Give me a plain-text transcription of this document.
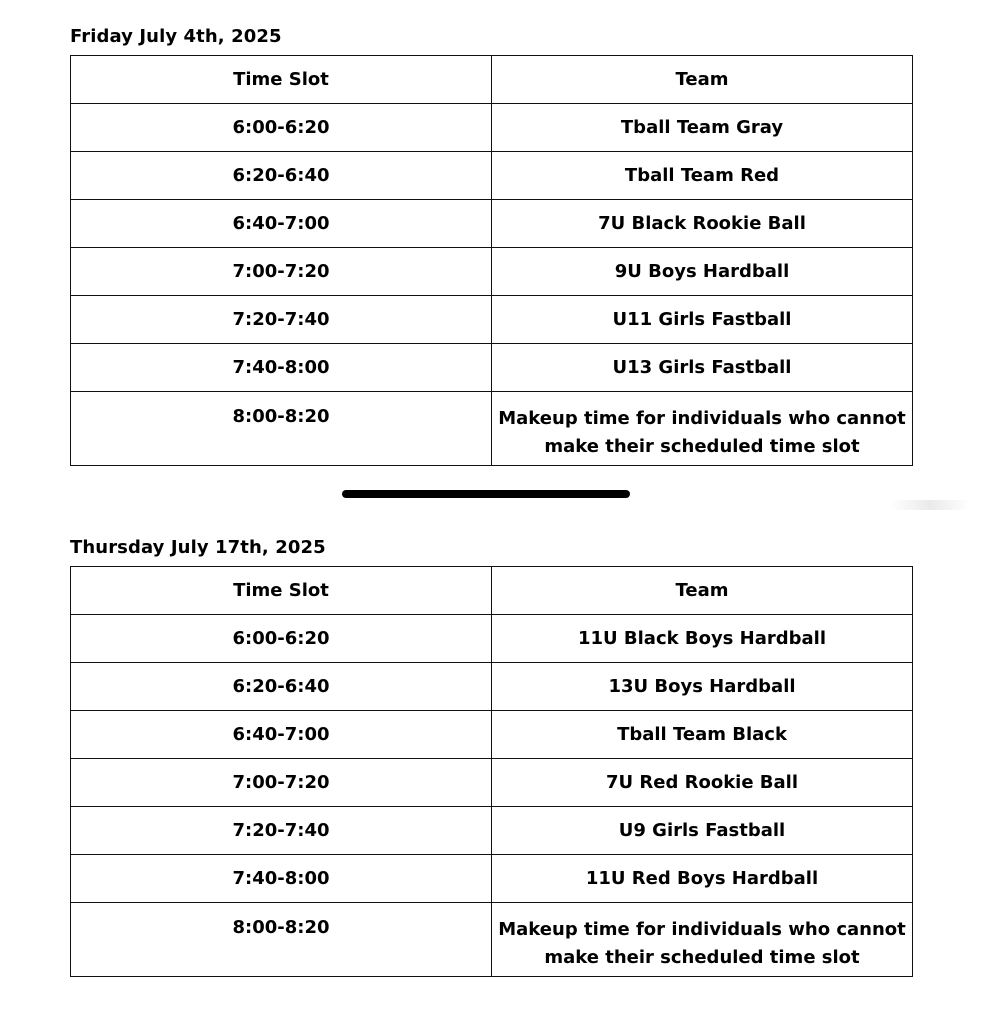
Friday July 4th, 2025
Time Slot	Team
6:00-6:20	Tball Team Gray
6:20-6:40	Tball Team Red
6:40-7:00	7U Black Rookie Ball
7:00-7:20	9U Boys Hardball
7:20-7:40	U11 Girls Fastball
7:40-8:00	U13 Girls Fastball
8:00-8:20	Makeup time for individuals who cannot
make their scheduled time slot
Thursday July 17th, 2025
Time Slot	Team
6:00-6:20	11U Black Boys Hardball
6:20-6:40	13U Boys Hardball
6:40-7:00	Tball Team Black
7:00-7:20	7U Red Rookie Ball
7:20-7:40	U9 Girls Fastball
7:40-8:00	11U Red Boys Hardball
8:00-8:20	Makeup time for individuals who cannot
make their scheduled time slot
